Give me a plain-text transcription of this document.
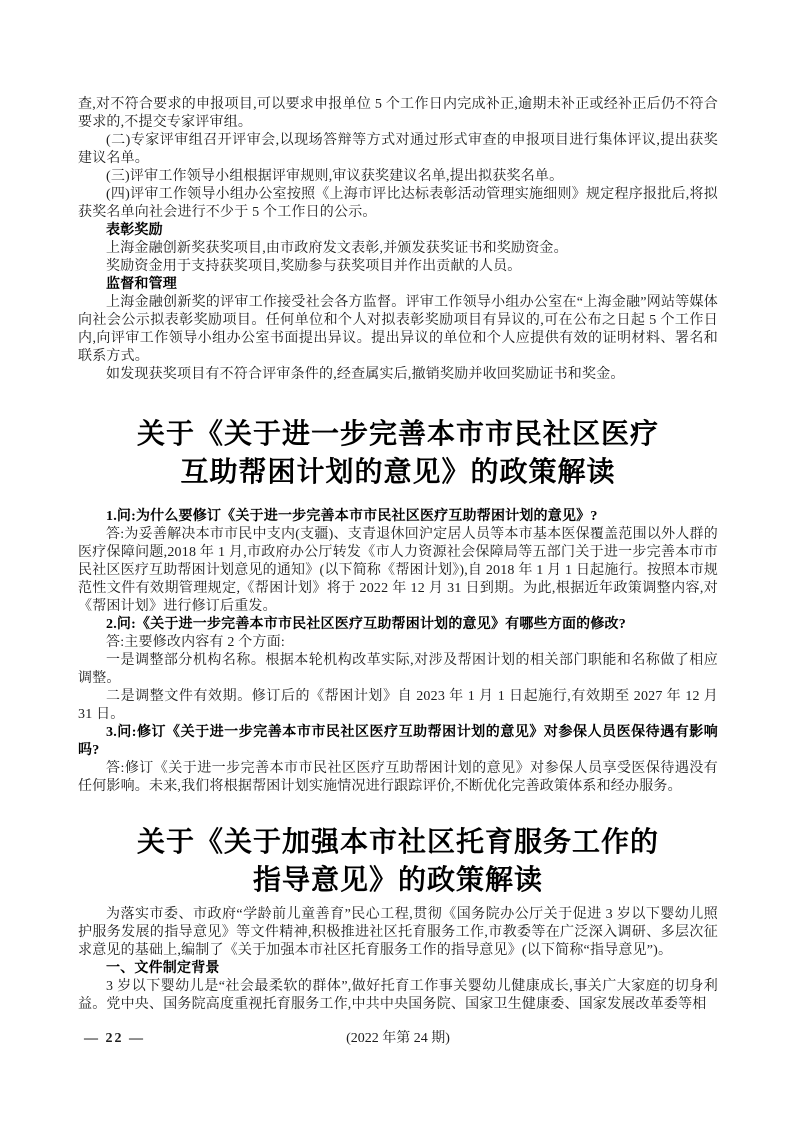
查,对不符合要求的申报项目,可以要求申报单位 5 个工作日内完成补正,逾期未补正或经补正后仍不符合要求的,不提交专家评审组。

(二)专家评审组召开评审会,以现场答辩等方式对通过形式审查的申报项目进行集体评议,提出获奖建议名单。

(三)评审工作领导小组根据评审规则,审议获奖建议名单,提出拟获奖名单。

(四)评审工作领导小组办公室按照《上海市评比达标表彰活动管理实施细则》规定程序报批后,将拟获奖名单向社会进行不少于 5 个工作日的公示。

表彰奖励

上海金融创新奖获奖项目,由市政府发文表彰,并颁发获奖证书和奖励资金。

奖励资金用于支持获奖项目,奖励参与获奖项目并作出贡献的人员。

监督和管理

上海金融创新奖的评审工作接受社会各方监督。评审工作领导小组办公室在“上海金融”网站等媒体向社会公示拟表彰奖励项目。任何单位和个人对拟表彰奖励项目有异议的,可在公布之日起 5 个工作日内,向评审工作领导小组办公室书面提出异议。提出异议的单位和个人应提供有效的证明材料、署名和联系方式。

如发现获奖项目有不符合评审条件的,经查属实后,撤销奖励并收回奖励证书和奖金。

关于《关于进一步完善本市市民社区医疗
互助帮困计划的意见》的政策解读

1.问:为什么要修订《关于进一步完善本市市民社区医疗互助帮困计划的意见》?

答:为妥善解决本市市民中支内(支疆)、支青退休回沪定居人员等本市基本医保覆盖范围以外人群的医疗保障问题,2018 年 1 月,市政府办公厅转发《市人力资源社会保障局等五部门关于进一步完善本市市民社区医疗互助帮困计划意见的通知》(以下简称《帮困计划》),自 2018 年 1 月 1 日起施行。按照本市规范性文件有效期管理规定,《帮困计划》将于 2022 年 12 月 31 日到期。为此,根据近年政策调整内容,对《帮困计划》进行修订后重发。

2.问:《关于进一步完善本市市民社区医疗互助帮困计划的意见》有哪些方面的修改?

答:主要修改内容有 2 个方面:

一是调整部分机构名称。根据本轮机构改革实际,对涉及帮困计划的相关部门职能和名称做了相应调整。

二是调整文件有效期。修订后的《帮困计划》自 2023 年 1 月 1 日起施行,有效期至 2027 年 12 月 31 日。

3.问:修订《关于进一步完善本市市民社区医疗互助帮困计划的意见》对参保人员医保待遇有影响吗?

答:修订《关于进一步完善本市市民社区医疗互助帮困计划的意见》对参保人员享受医保待遇没有任何影响。未来,我们将根据帮困计划实施情况进行跟踪评价,不断优化完善政策体系和经办服务。

关于《关于加强本市社区托育服务工作的
指导意见》的政策解读

为落实市委、市政府“学龄前儿童善育”民心工程,贯彻《国务院办公厅关于促进 3 岁以下婴幼儿照护服务发展的指导意见》等文件精神,积极推进社区托育服务工作,市教委等在广泛深入调研、多层次征求意见的基础上,编制了《关于加强本市社区托育服务工作的指导意见》(以下简称“指导意见”)。

一、文件制定背景

3 岁以下婴幼儿是“社会最柔软的群体”,做好托育工作事关婴幼儿健康成长,事关广大家庭的切身利益。党中央、国务院高度重视托育服务工作,中共中央国务院、国家卫生健康委、国家发展改革委等相

— 22 —	(2022 年第 24 期)
